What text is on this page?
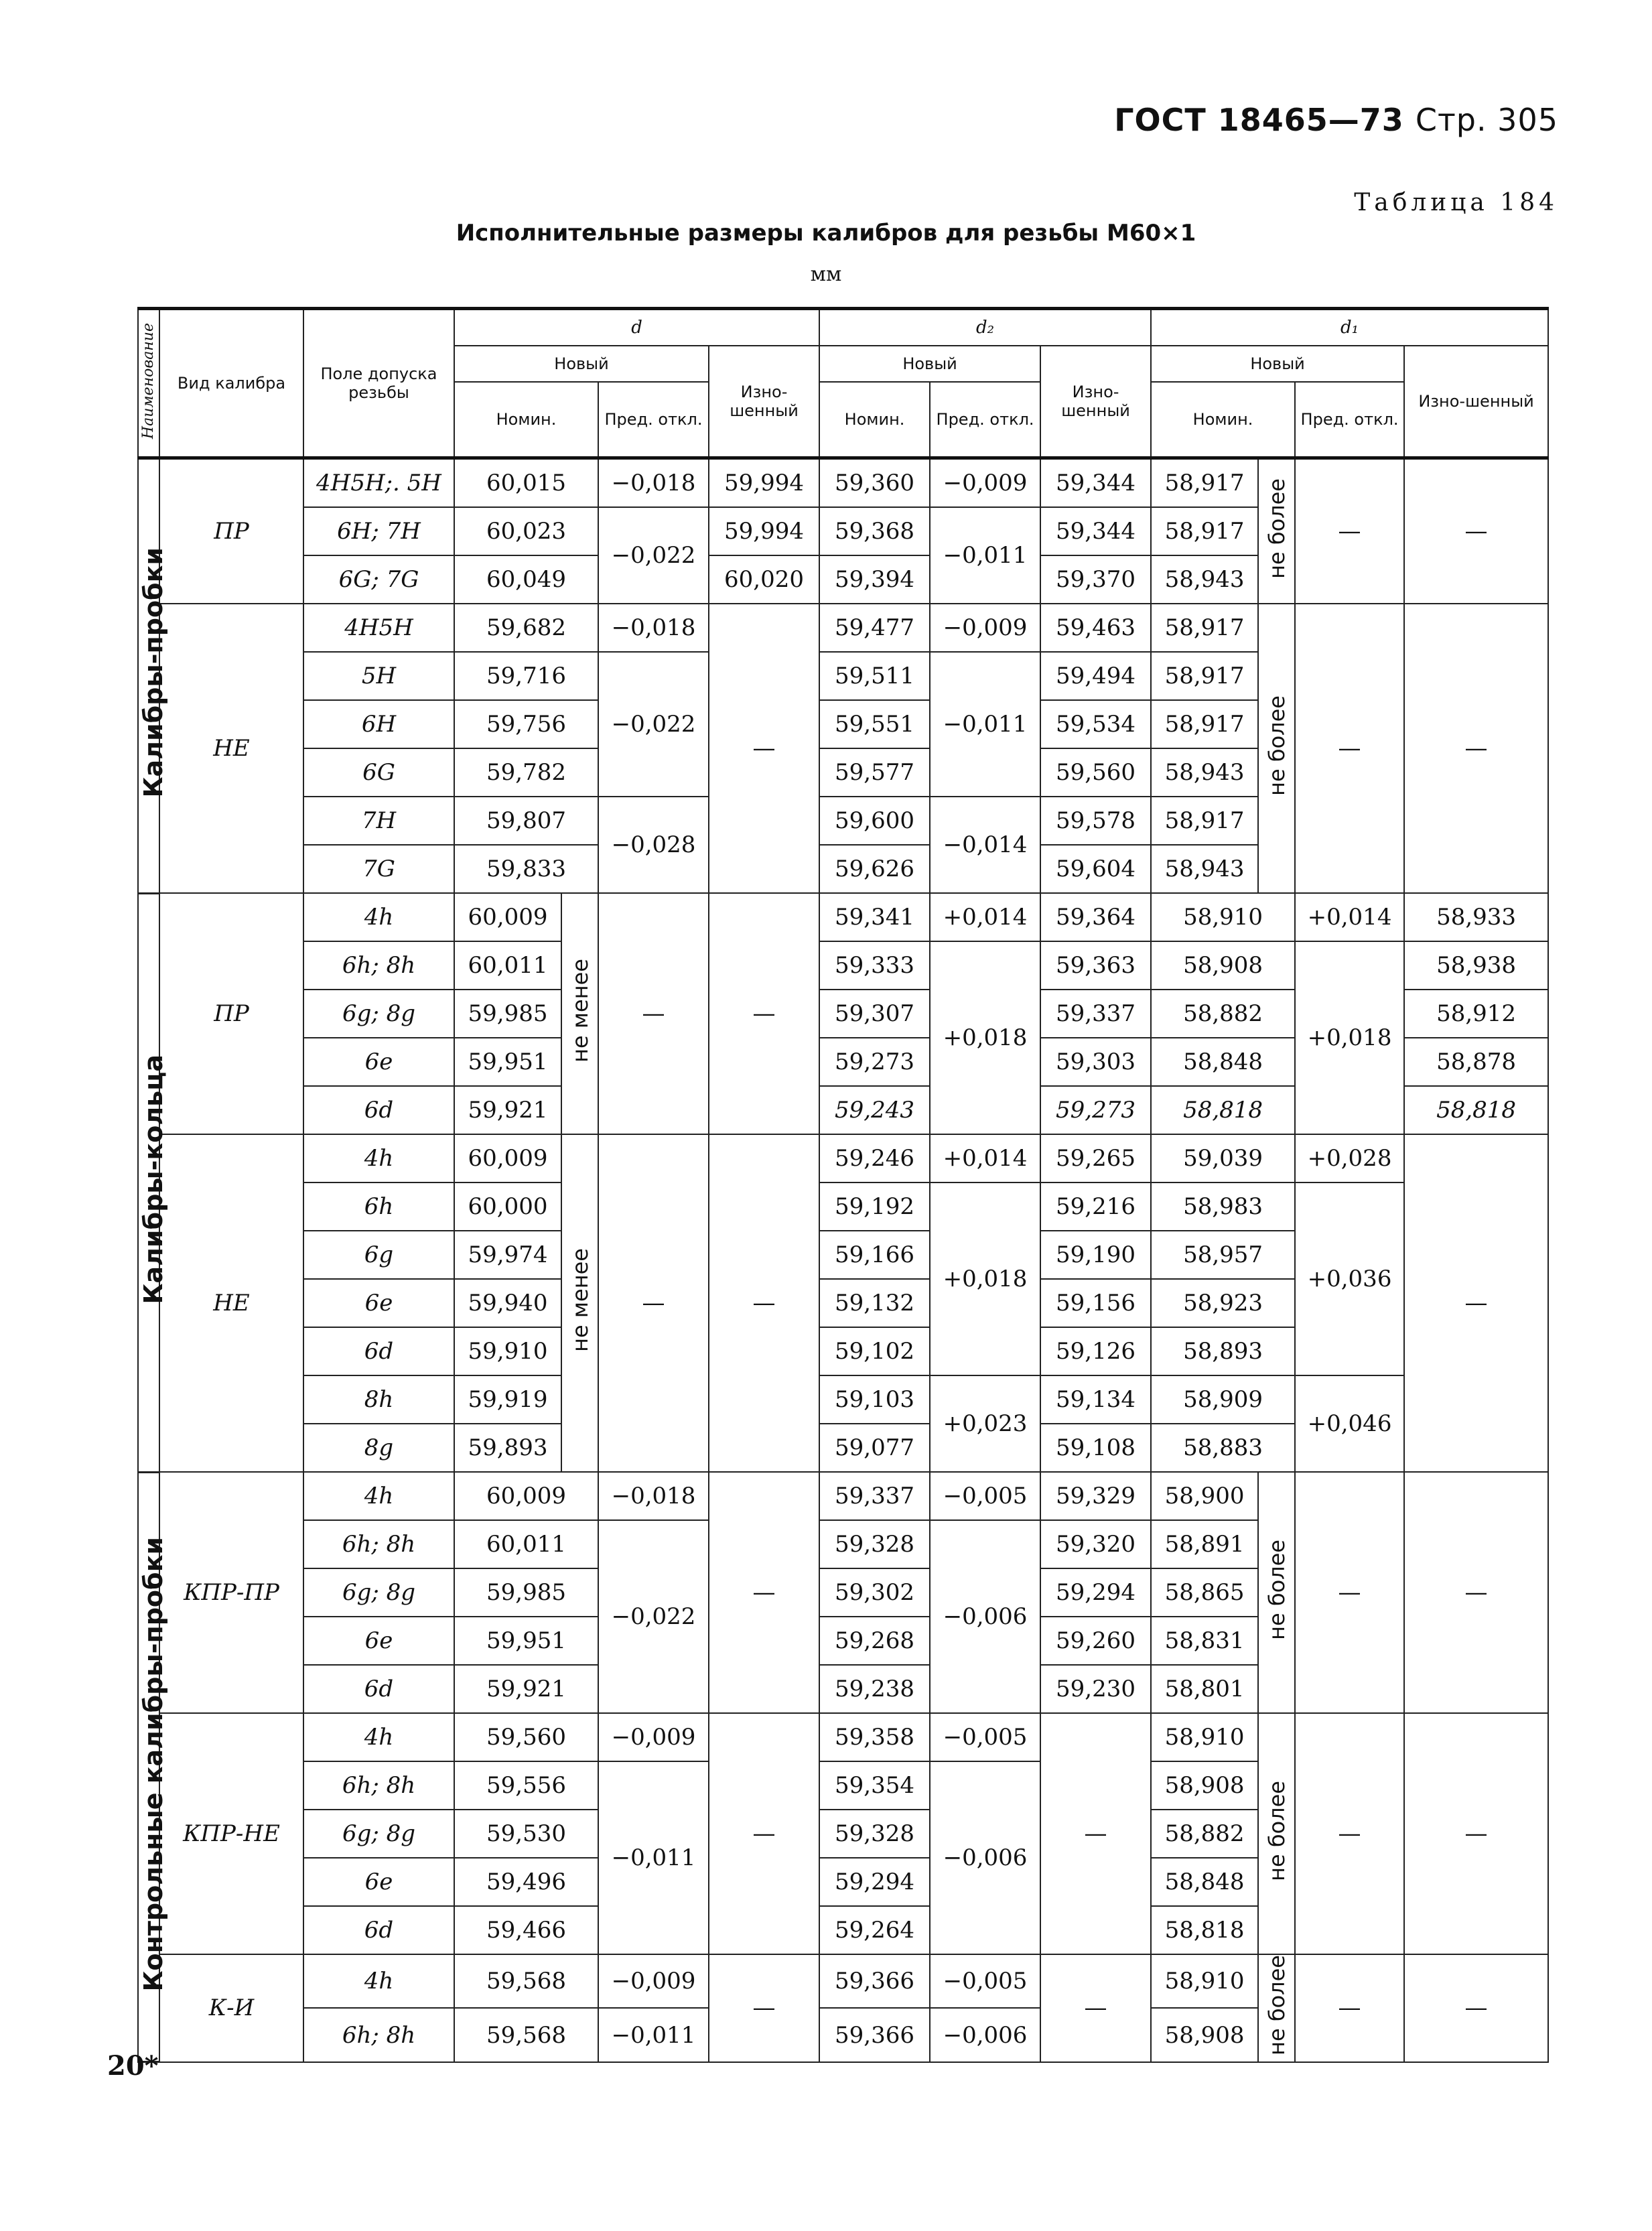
ГОСТ 18465—73 Стр. 305
Таблица 184
Исполнительные размеры калибров для резьбы М60×1
мм
Наименование	Вид калибра	Поле допуска резьбы	d				d₂			d₁			
			Новый			Изно-шенный	Новый		Изно-шенный	Новый			Изно-шенный
			Номин.		Пред. откл.		Номин.	Пред. откл.		Номин.		Пред. откл.	
Калибры-пробки	ПР	4H5H;. 5H	60,015		−0,018	59,994	59,360	−0,009	59,344	58,917	не более	—	—
		6H; 7H	60,023		−0,022	59,994	59,368	−0,011	59,344	58,917			
		6G; 7G	60,049			60,020	59,394		59,370	58,943			
	НЕ	4H5H	59,682		−0,018	—	59,477	−0,009	59,463	58,917	не более	—	—
		5H	59,716		−0,022		59,511	−0,011	59,494	58,917			
		6H	59,756				59,551		59,534	58,917			
		6G	59,782				59,577		59,560	58,943			
		7H	59,807		−0,028		59,600	−0,014	59,578	58,917			
		7G	59,833				59,626		59,604	58,943			
Калибры-кольца	ПР	4h	60,009	не менее	—	—	59,341	+0,014	59,364	58,910		+0,014	58,933
		6h; 8h	60,011				59,333	+0,018	59,363	58,908		+0,018	58,938
		6g; 8g	59,985				59,307		59,337	58,882			58,912
		6e	59,951				59,273		59,303	58,848			58,878
		6d	59,921				59,243		59,273	58,818			58,818
	НЕ	4h	60,009	не менее	—	—	59,246	+0,014	59,265	59,039		+0,028	—
		6h	60,000				59,192	+0,018	59,216	58,983		+0,036	
		6g	59,974				59,166		59,190	58,957			
		6e	59,940				59,132		59,156	58,923			
		6d	59,910				59,102		59,126	58,893			
		8h	59,919				59,103	+0,023	59,134	58,909		+0,046	
		8g	59,893				59,077		59,108	58,883			
Контрольные калибры-пробки	КПР-ПР	4h	60,009		−0,018	—	59,337	−0,005	59,329	58,900	не более	—	—
		6h; 8h	60,011		−0,022		59,328	−0,006	59,320	58,891			
		6g; 8g	59,985				59,302		59,294	58,865			
		6e	59,951				59,268		59,260	58,831			
		6d	59,921				59,238		59,230	58,801			
	КПР-НЕ	4h	59,560		−0,009	—	59,358	−0,005	—	58,910	не более	—	—
		6h; 8h	59,556		−0,011		59,354	−0,006		58,908			
		6g; 8g	59,530				59,328			58,882			
		6e	59,496				59,294			58,848			
		6d	59,466				59,264			58,818			
	К-И	4h	59,568		−0,009	—	59,366	−0,005	—	58,910	не более	—	—
		6h; 8h	59,568		−0,011		59,366	−0,006		58,908			
20*
